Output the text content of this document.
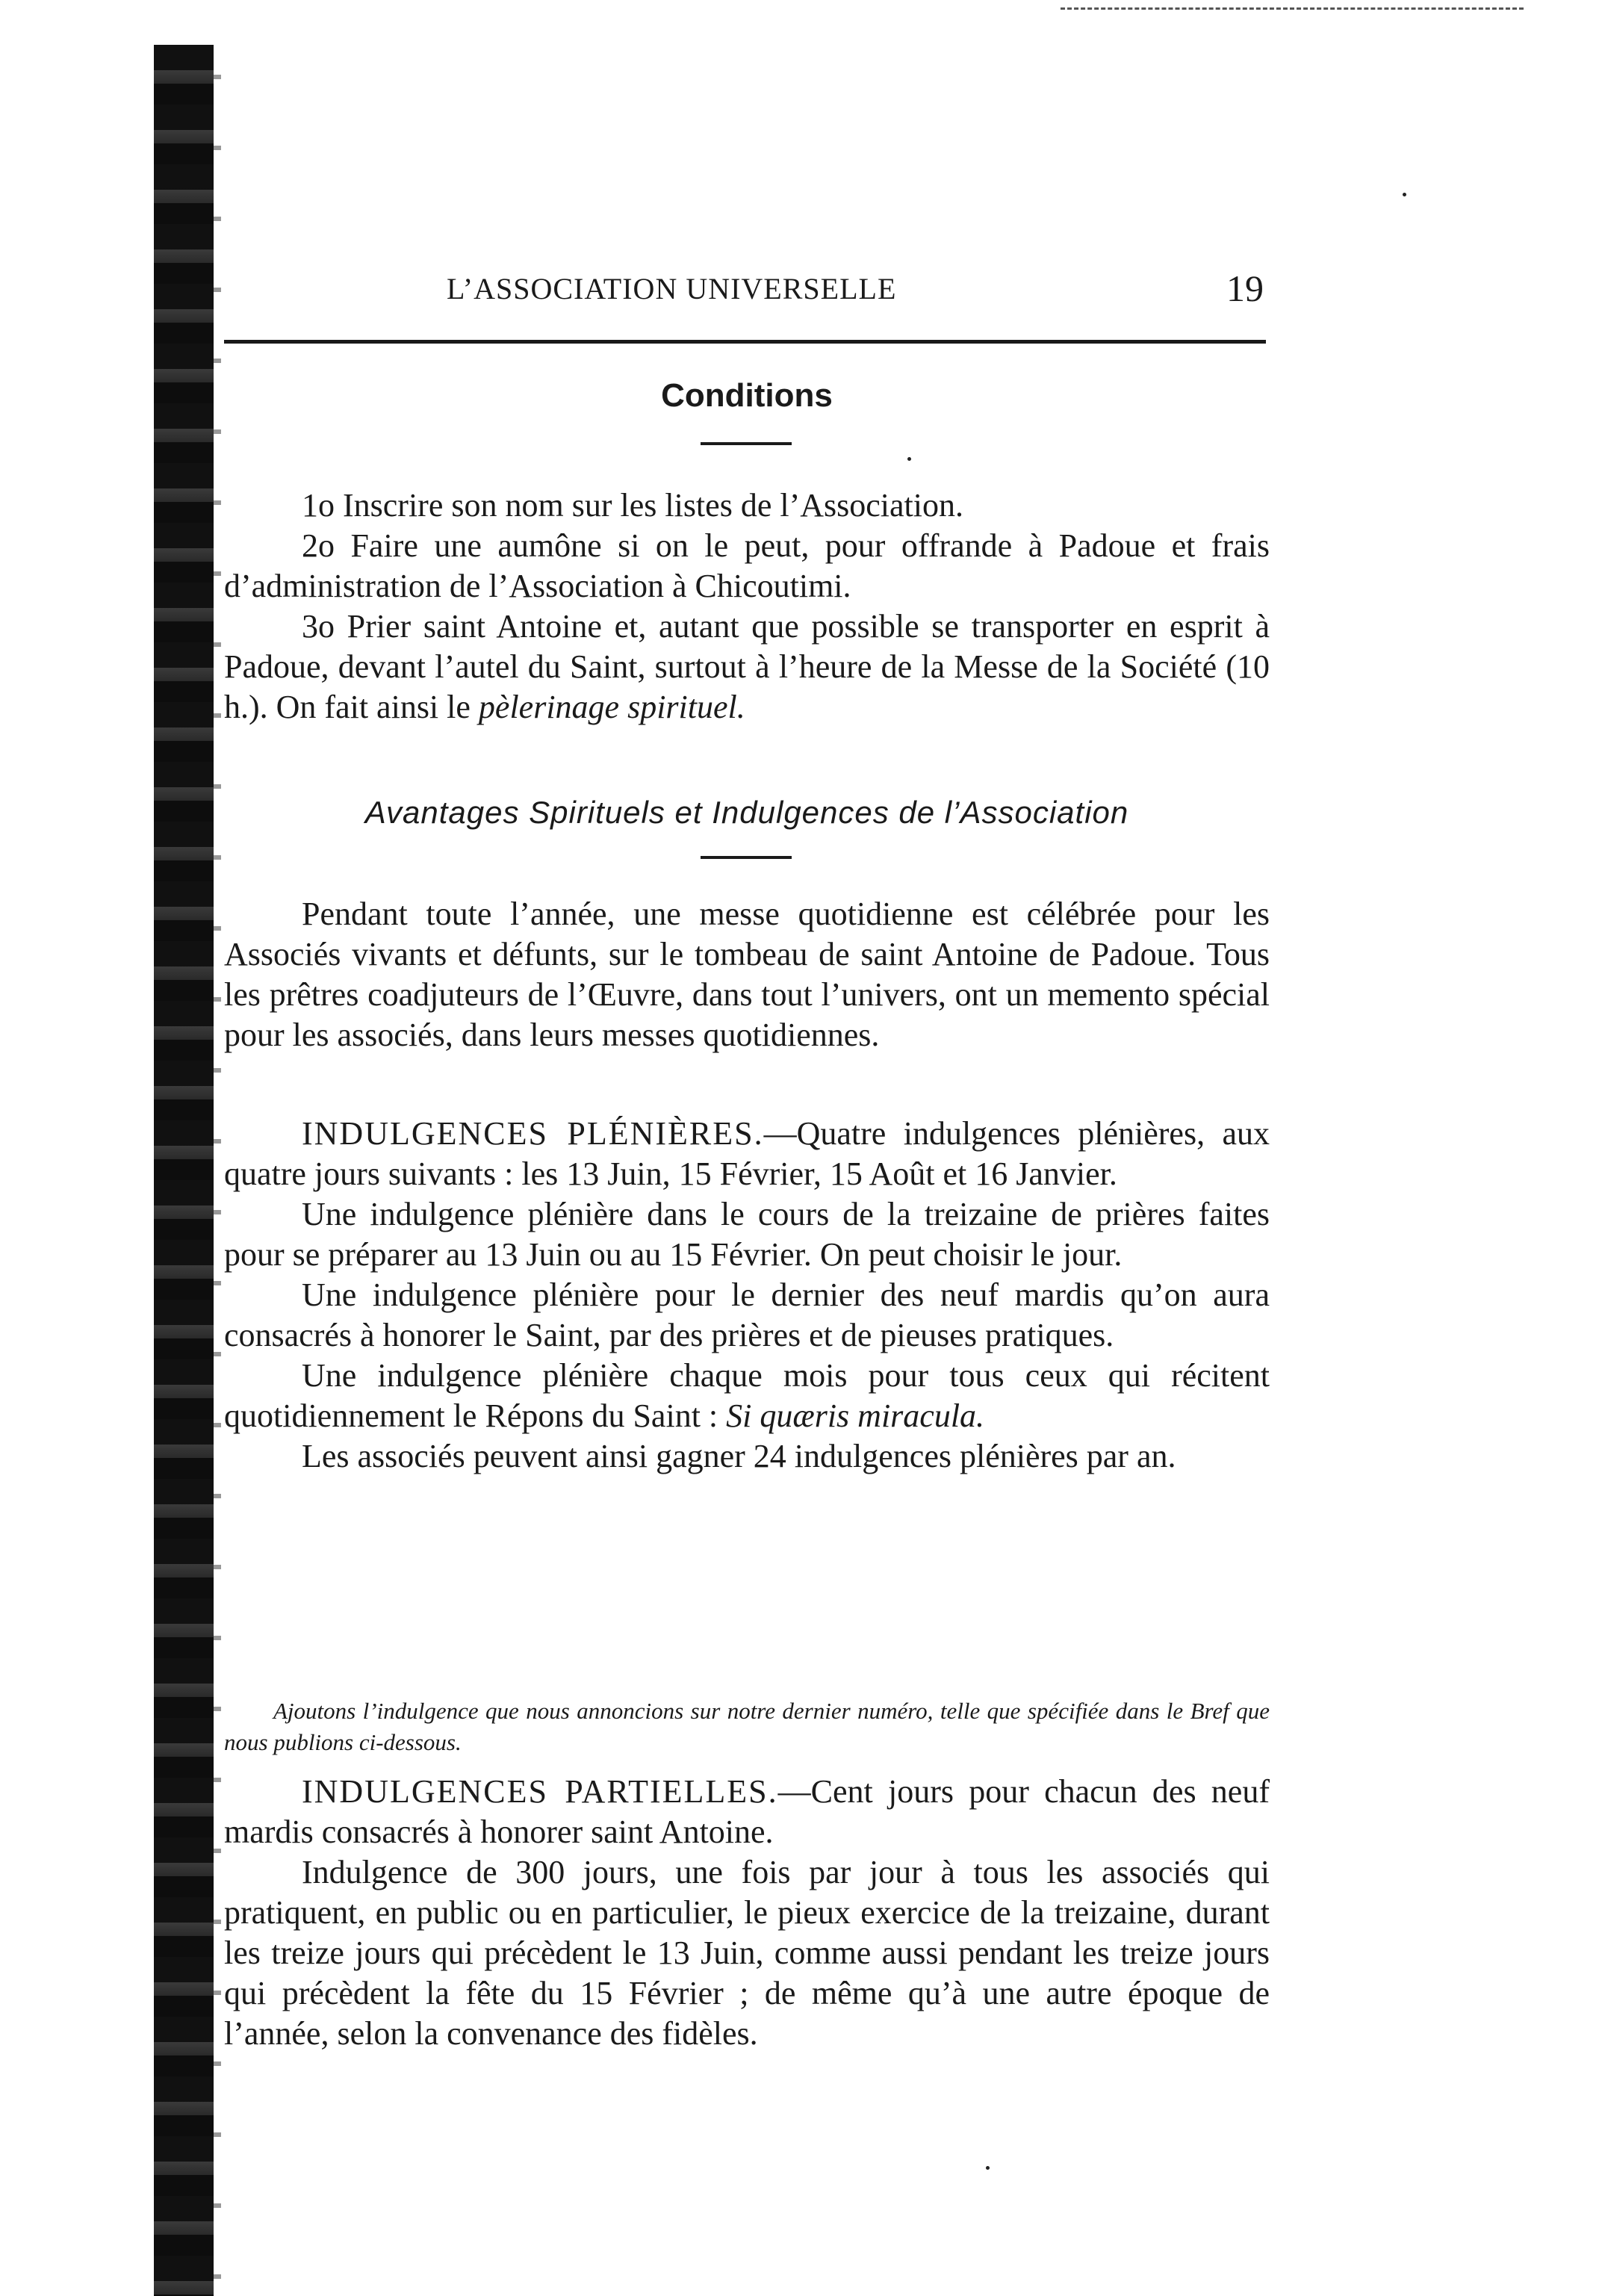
L’ASSOCIATION UNIVERSELLE	19
Conditions

1o Inscrire son nom sur les listes de l’Association.

2o Faire une aumône si on le peut, pour offrande à Padoue et frais d’administration de l’Association à Chicoutimi.

3o Prier saint Antoine et, autant que possible se transporter en esprit à Padoue, devant l’autel du Saint, surtout à l’heure de la Messe de la Société (10 h.). On fait ainsi le pèlerinage spirituel.

Avantages Spirituels et Indulgences de l’Association

Pendant toute l’année, une messe quotidienne est célébrée pour les Associés vivants et défunts, sur le tombeau de saint Antoine de Padoue. Tous les prêtres coadjuteurs de l’Œuvre, dans tout l’univers, ont un memento spécial pour les associés, dans leurs messes quotidiennes.

INDULGENCES PLÉNIÈRES.—Quatre indulgences plénières, aux quatre jours suivants : les 13 Juin, 15 Février, 15 Août et 16 Janvier.

Une indulgence plénière dans le cours de la treizaine de prières faites pour se préparer au 13 Juin ou au 15 Février. On peut choisir le jour.

Une indulgence plénière pour le dernier des neuf mardis qu’on aura consacrés à honorer le Saint, par des prières et de pieuses pratiques.

Une indulgence plénière chaque mois pour tous ceux qui récitent quotidiennement le Répons du Saint : Si quæris miracula.

Les associés peuvent ainsi gagner 24 indulgences plénières par an.

Ajoutons l’indulgence que nous annoncions sur notre dernier numéro, telle que spécifiée dans le Bref que nous publions ci-dessous.

INDULGENCES PARTIELLES.—Cent jours pour chacun des neuf mardis consacrés à honorer saint Antoine.

Indulgence de 300 jours, une fois par jour à tous les associés qui pratiquent, en public ou en particulier, le pieux exercice de la treizaine, durant les treize jours qui précèdent le 13 Juin, comme aussi pendant les treize jours qui précèdent la fête du 15 Février ; de même qu’à une autre époque de l’année, selon la convenance des fidèles.
